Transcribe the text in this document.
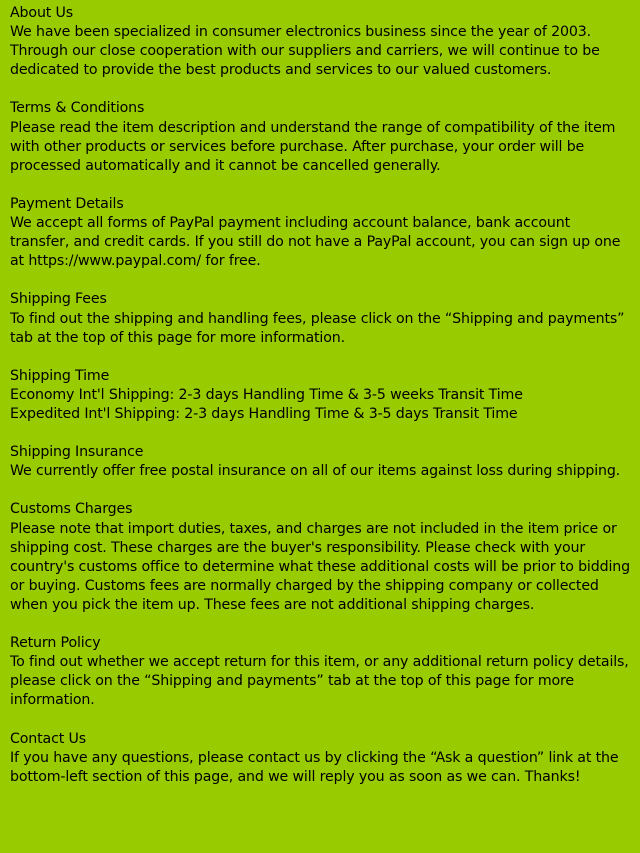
About Us
We have been specialized in consumer electronics business since the year of 2003. Through our close cooperation with our suppliers and carriers, we will continue to be dedicated to provide the best products and services to our valued customers.
Terms & Conditions
Please read the item description and understand the range of compatibility of the item with other products or services before purchase. After purchase, your order will be processed automatically and it cannot be cancelled generally.
Payment Details
We accept all forms of PayPal payment including account balance, bank account transfer, and credit cards. If you still do not have a PayPal account, you can sign up one at https://www.paypal.com/ for free.
Shipping Fees
To find out the shipping and handling fees, please click on the “Shipping and payments” tab at the top of this page for more information.
Shipping Time
Economy Int'l Shipping: 2-3 days Handling Time & 3-5 weeks Transit Time
Expedited Int'l Shipping: 2-3 days Handling Time & 3-5 days Transit Time
Shipping Insurance
We currently offer free postal insurance on all of our items against loss during shipping.
Customs Charges
Please note that import duties, taxes, and charges are not included in the item price or shipping cost. These charges are the buyer's responsibility. Please check with your country's customs office to determine what these additional costs will be prior to bidding or buying. Customs fees are normally charged by the shipping company or collected when you pick the item up. These fees are not additional shipping charges.
Return Policy
To find out whether we accept return for this item, or any additional return policy details, please click on the “Shipping and payments” tab at the top of this page for more information.
Contact Us
If you have any questions, please contact us by clicking the “Ask a question” link at the bottom-left section of this page, and we will reply you as soon as we can. Thanks!
